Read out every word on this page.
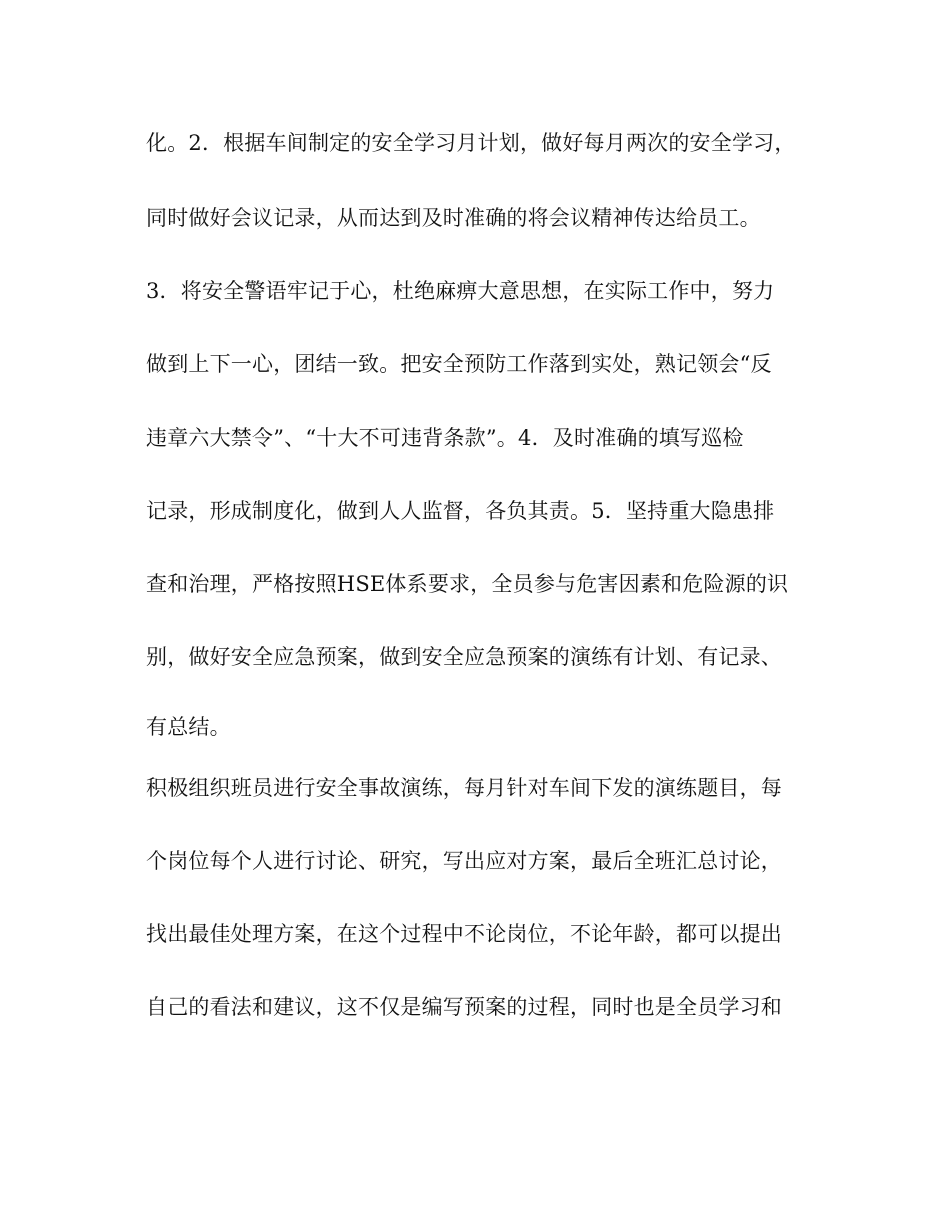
化。2．根据车间制定的安全学习月计划，做好每月两次的安全学习，
同时做好会议记录，从而达到及时准确的将会议精神传达给员工。
3．将安全警语牢记于心，杜绝麻痹大意思想，在实际工作中，努力
做到上下一心，团结一致。把安全预防工作落到实处，熟记领会“反
违章六大禁令”、“十大不可违背条款”。4．及时准确的填写巡检
记录，形成制度化，做到人人监督，各负其责。5．坚持重大隐患排
查和治理，严格按照HSE体系要求，全员参与危害因素和危险源的识
别，做好安全应急预案，做到安全应急预案的演练有计划、有记录、
有总结。
积极组织班员进行安全事故演练，每月针对车间下发的演练题目，每
个岗位每个人进行讨论、研究，写出应对方案，最后全班汇总讨论，
找出最佳处理方案，在这个过程中不论岗位，不论年龄，都可以提出
自己的看法和建议，这不仅是编写预案的过程，同时也是全员学习和
